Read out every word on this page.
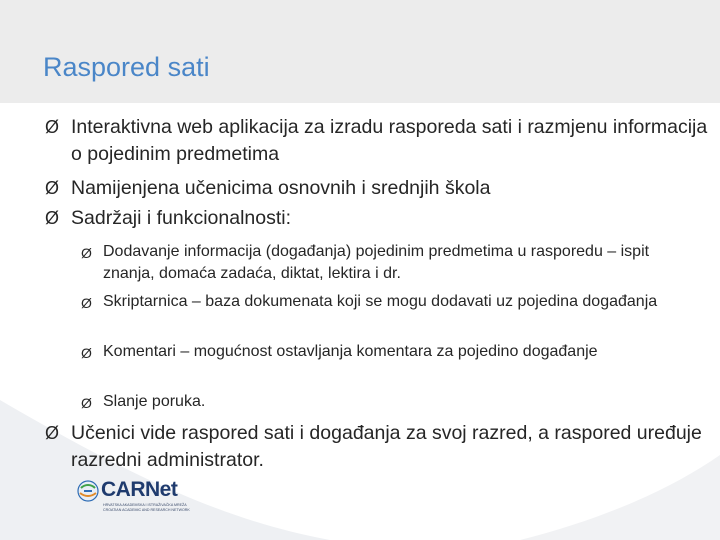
Raspored sati
Ø Interaktivna web aplikacija za izradu rasporeda sati i razmjenu informacija o pojedinim predmetima
Ø Namijenjena učenicima osnovnih i srednjih škola
Ø Sadržaji i funkcionalnosti:
Ø Dodavanje informacija (događanja) pojedinim predmetima u rasporedu – ispit znanja, domaća zadaća, diktat, lektira i dr.
Ø Skriptarnica – baza dokumenata koji se mogu dodavati uz pojedina događanja
Ø Komentari – mogućnost ostavljanja komentara za pojedino događanje
Ø Slanje poruka.
Ø Učenici vide raspored sati i događanja za svoj razred, a raspored uređuje razredni administrator.
CARNet
HRVATSKA AKADEMSKA I ISTRAŽIVAČKA MREŽA
CROATIAN ACADEMIC AND RESEARCH NETWORK
